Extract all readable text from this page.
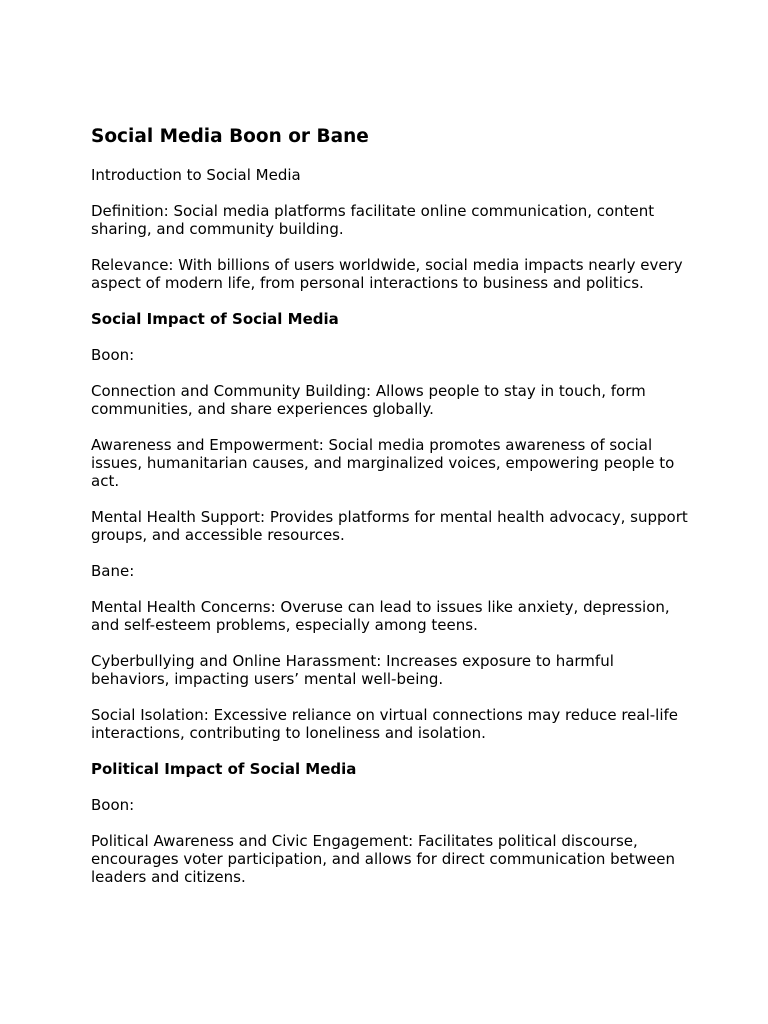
Social Media Boon or Bane

Introduction to Social Media

Definition: Social media platforms facilitate online communication, content sharing, and community building.

Relevance: With billions of users worldwide, social media impacts nearly every aspect of modern life, from personal interactions to business and politics.

Social Impact of Social Media

Boon:

Connection and Community Building: Allows people to stay in touch, form communities, and share experiences globally.

Awareness and Empowerment: Social media promotes awareness of social issues, humanitarian causes, and marginalized voices, empowering people to act.

Mental Health Support: Provides platforms for mental health advocacy, support groups, and accessible resources.

Bane:

Mental Health Concerns: Overuse can lead to issues like anxiety, depression, and self-esteem problems, especially among teens.

Cyberbullying and Online Harassment: Increases exposure to harmful behaviors, impacting users’ mental well-being.

Social Isolation: Excessive reliance on virtual connections may reduce real-life interactions, contributing to loneliness and isolation.

Political Impact of Social Media

Boon:

Political Awareness and Civic Engagement: Facilitates political discourse, encourages voter participation, and allows for direct communication between leaders and citizens.
